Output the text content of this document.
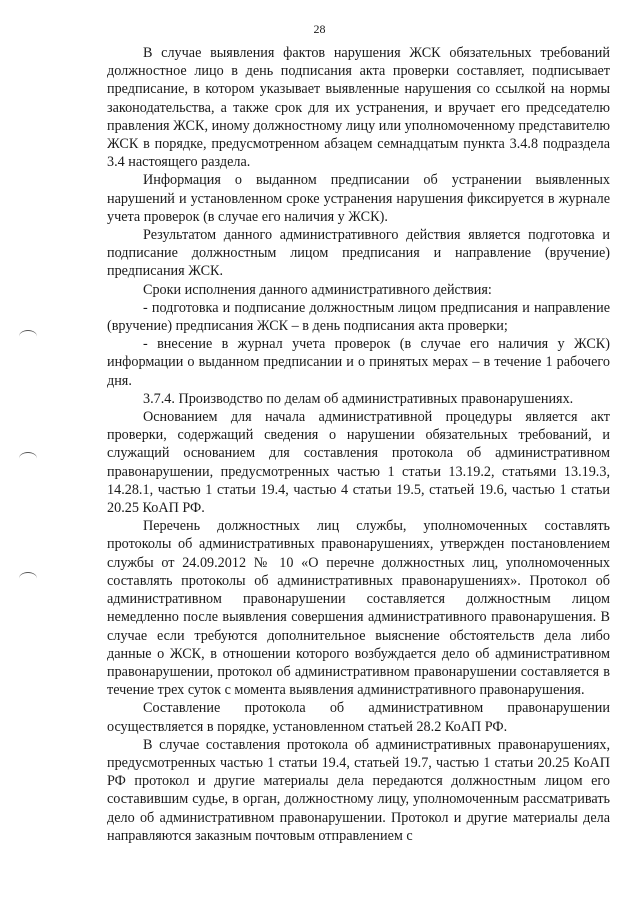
28

В случае выявления фактов нарушения ЖСК обязательных требований должностное лицо в день подписания акта проверки составляет, подписывает предписание, в котором указывает выявленные нарушения со ссылкой на нормы законодательства, а также срок для их устранения, и вручает его председателю правления ЖСК, иному должностному лицу или уполномоченному представителю ЖСК в порядке, предусмотренном абзацем семнадцатым пункта 3.4.8 подраздела 3.4 настоящего раздела.

Информация о выданном предписании об устранении выявленных нарушений и установленном сроке устранения нарушения фиксируется в журнале учета проверок (в случае его наличия у ЖСК).

Результатом данного административного действия является подготовка и подписание должностным лицом предписания и направление (вручение) предписания ЖСК.

Сроки исполнения данного административного действия:

- подготовка и подписание должностным лицом предписания и направление (вручение) предписания ЖСК – в день подписания акта проверки;

- внесение в журнал учета проверок (в случае его наличия у ЖСК) информации о выданном предписании и о принятых мерах – в течение 1 рабочего дня.

3.7.4. Производство по делам об административных правонарушениях.

Основанием для начала административной процедуры является акт проверки, содержащий сведения о нарушении обязательных требований, и служащий основанием для составления протокола об административном правонарушении, предусмотренных частью 1 статьи 13.19.2, статьями 13.19.3, 14.28.1, частью 1 статьи 19.4, частью 4 статьи 19.5, статьей 19.6, частью 1 статьи 20.25 КоАП РФ.

Перечень должностных лиц службы, уполномоченных составлять протоколы об административных правонарушениях, утвержден постановлением службы от 24.09.2012 № 10 «О перечне должностных лиц, уполномоченных составлять протоколы об административных правонарушениях». Протокол об административном правонарушении составляется должностным лицом немедленно после выявления совершения административного правонарушения. В случае если требуются дополнительное выяснение обстоятельств дела либо данные о ЖСК, в отношении которого возбуждается дело об административном правонарушении, протокол об административном правонарушении составляется в течение трех суток с момента выявления административного правонарушения.

Составление протокола об административном правонарушении осуществляется в порядке, установленном статьей 28.2 КоАП РФ.

В случае составления протокола об административных правонарушениях, предусмотренных частью 1 статьи 19.4, статьей 19.7, частью 1 статьи 20.25 КоАП РФ протокол и другие материалы дела передаются должностным лицом его составившим судье, в орган, должностному лицу, уполномоченным рассматривать дело об административном правонарушении. Протокол и другие материалы дела направляются заказным почтовым отправлением с
